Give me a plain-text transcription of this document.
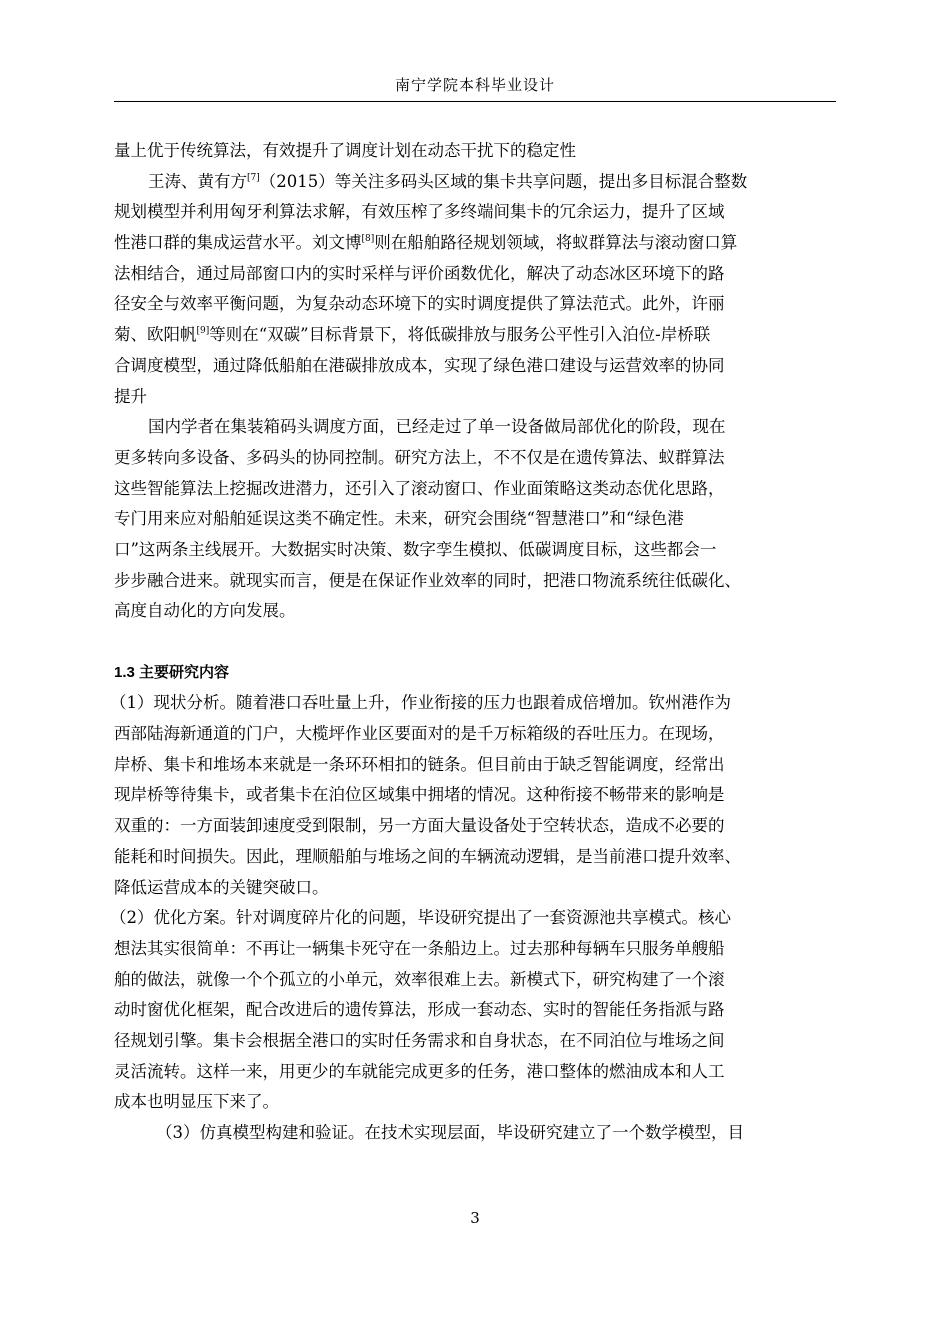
南宁学院本科毕业设计
量上优于传统算法，有效提升了调度计划在动态干扰下的稳定性
王涛、黄有方[7]（2015）等关注多码头区域的集卡共享问题，提出多目标混合整数
规划模型并利用匈牙利算法求解，有效压榨了多终端间集卡的冗余运力，提升了区域
性港口群的集成运营水平。刘文博[8]则在船舶路径规划领域，将蚁群算法与滚动窗口算
法相结合，通过局部窗口内的实时采样与评价函数优化，解决了动态冰区环境下的路
径安全与效率平衡问题，为复杂动态环境下的实时调度提供了算法范式。此外，许丽
菊、欧阳帆[9]等则在“双碳”目标背景下，将低碳排放与服务公平性引入泊位-岸桥联
合调度模型，通过降低船舶在港碳排放成本，实现了绿色港口建设与运营效率的协同
提升
国内学者在集装箱码头调度方面，已经走过了单一设备做局部优化的阶段，现在
更多转向多设备、多码头的协同控制。研究方法上，不不仅是在遗传算法、蚁群算法
这些智能算法上挖掘改进潜力，还引入了滚动窗口、作业面策略这类动态优化思路，
专门用来应对船舶延误这类不确定性。未来，研究会围绕“智慧港口”和“绿色港
口”这两条主线展开。大数据实时决策、数字孪生模拟、低碳调度目标，这些都会一
步步融合进来。就现实而言，便是在保证作业效率的同时，把港口物流系统往低碳化、
高度自动化的方向发展。
1.3 主要研究内容
（1）现状分析。随着港口吞吐量上升，作业衔接的压力也跟着成倍增加。钦州港作为
西部陆海新通道的门户，大榄坪作业区要面对的是千万标箱级的吞吐压力。在现场，
岸桥、集卡和堆场本来就是一条环环相扣的链条。但目前由于缺乏智能调度，经常出
现岸桥等待集卡，或者集卡在泊位区域集中拥堵的情况。这种衔接不畅带来的影响是
双重的：一方面装卸速度受到限制，另一方面大量设备处于空转状态，造成不必要的
能耗和时间损失。因此，理顺船舶与堆场之间的车辆流动逻辑，是当前港口提升效率、
降低运营成本的关键突破口。
（2）优化方案。针对调度碎片化的问题，毕设研究提出了一套资源池共享模式。核心
想法其实很简单：不再让一辆集卡死守在一条船边上。过去那种每辆车只服务单艘船
舶的做法，就像一个个孤立的小单元，效率很难上去。新模式下，研究构建了一个滚
动时窗优化框架，配合改进后的遗传算法，形成一套动态、实时的智能任务指派与路
径规划引擎。集卡会根据全港口的实时任务需求和自身状态，在不同泊位与堆场之间
灵活流转。这样一来，用更少的车就能完成更多的任务，港口整体的燃油成本和人工
成本也明显压下来了。
（3）仿真模型构建和验证。在技术实现层面，毕设研究建立了一个数学模型，目
3
